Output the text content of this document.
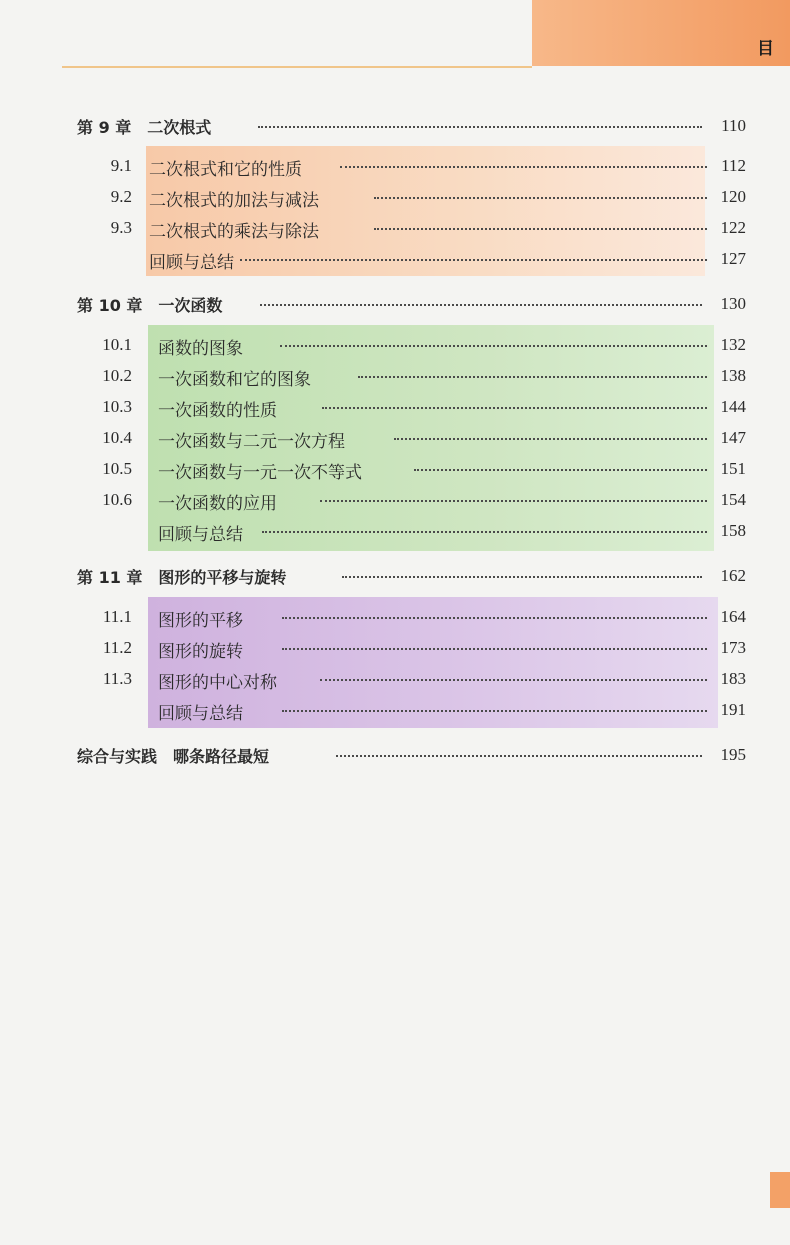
目
第 9 章　二次根式	110
9.1 二次根式和它的性质	112
9.2 二次根式的加法与减法	120
9.3 二次根式的乘法与除法	122
回顾与总结	127
第 10 章　一次函数	130
10.1 函数的图象	132
10.2 一次函数和它的图象	138
10.3 一次函数的性质	144
10.4 一次函数与二元一次方程	147
10.5 一次函数与一元一次不等式	151
10.6 一次函数的应用	154
回顾与总结	158
第 11 章　图形的平移与旋转	162
11.1 图形的平移	164
11.2 图形的旋转	173
11.3 图形的中心对称	183
回顾与总结	191
综合与实践　哪条路径最短	195
